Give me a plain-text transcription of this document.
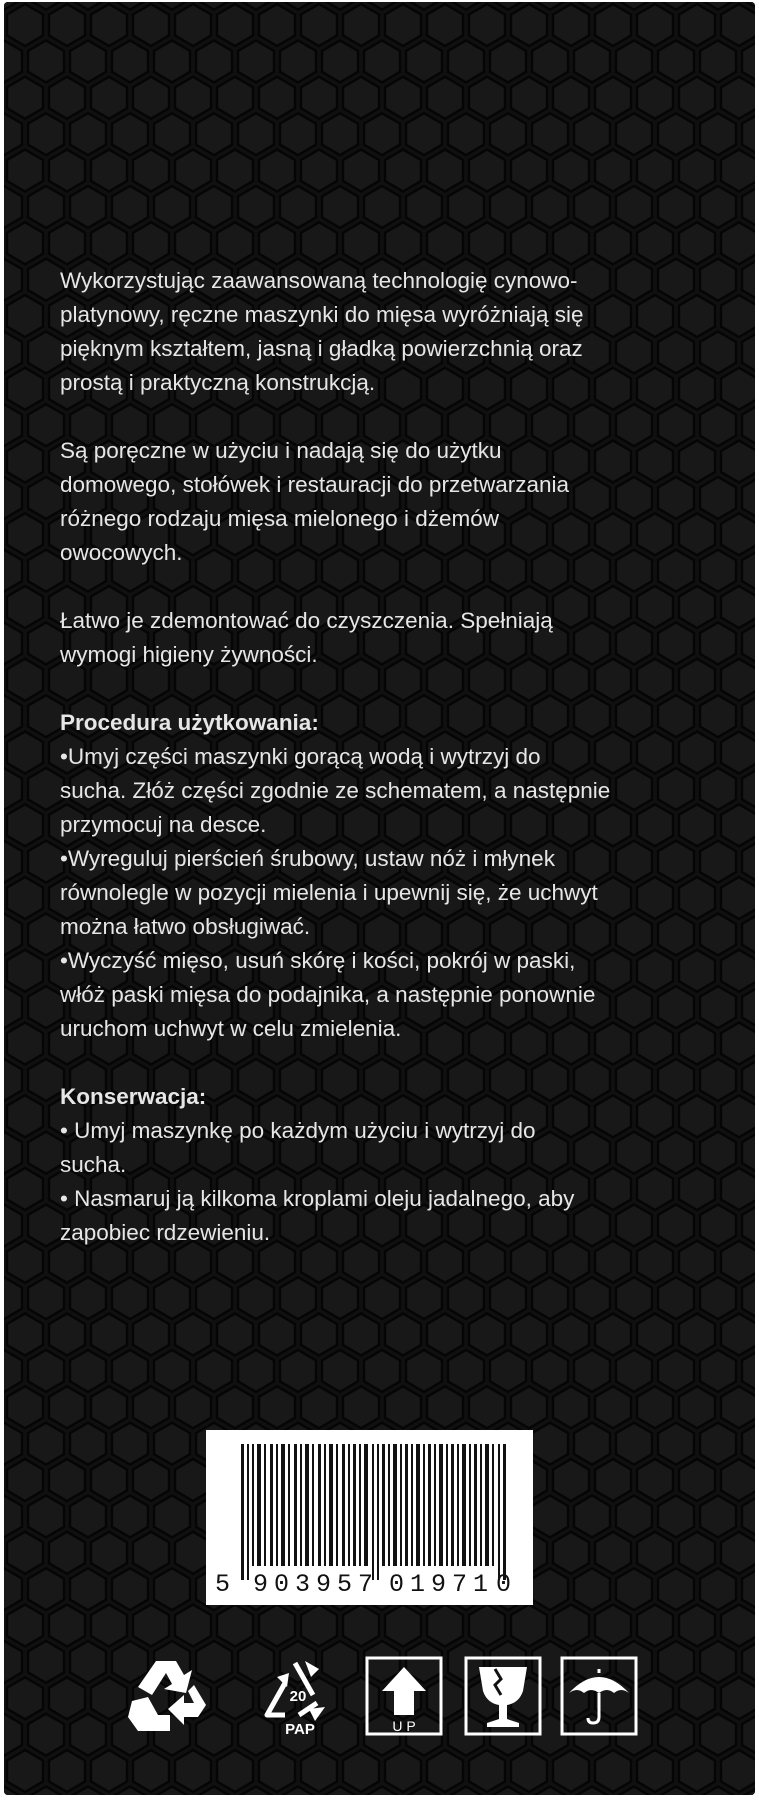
Wykorzystując zaawansowaną technologię cynowo-
platynowy, ręczne maszynki do mięsa wyróżniają się
pięknym kształtem, jasną i gładką powierzchnią oraz
prostą i praktyczną konstrukcją.

Są poręczne w użyciu i nadają się do użytku
domowego, stołówek i restauracji do przetwarzania
różnego rodzaju mięsa mielonego i dżemów
owocowych.

Łatwo je zdemontować do czyszczenia. Spełniają
wymogi higieny żywności.

Procedura użytkowania:
•Umyj części maszynki gorącą wodą i wytrzyj do
sucha. Złóż części zgodnie ze schematem, a następnie
przymocuj na desce.
•Wyreguluj pierścień śrubowy, ustaw nóż i młynek
równolegle w pozycji mielenia i upewnij się, że uchwyt
można łatwo obsługiwać.
•Wyczyść mięso, usuń skórę i kości, pokrój w paski,
włóż paski mięsa do podajnika, a następnie ponownie
uruchom uchwyt w celu zmielenia.

Konserwacja:
• Umyj maszynkę po każdym użyciu i wytrzyj do
sucha.
• Nasmaruj ją kilkoma kroplami oleju jadalnego, aby
zapobiec rdzewieniu.

5 9 0 3 9 5 7 0 1 9 7 1 0
20
PAP	U P
